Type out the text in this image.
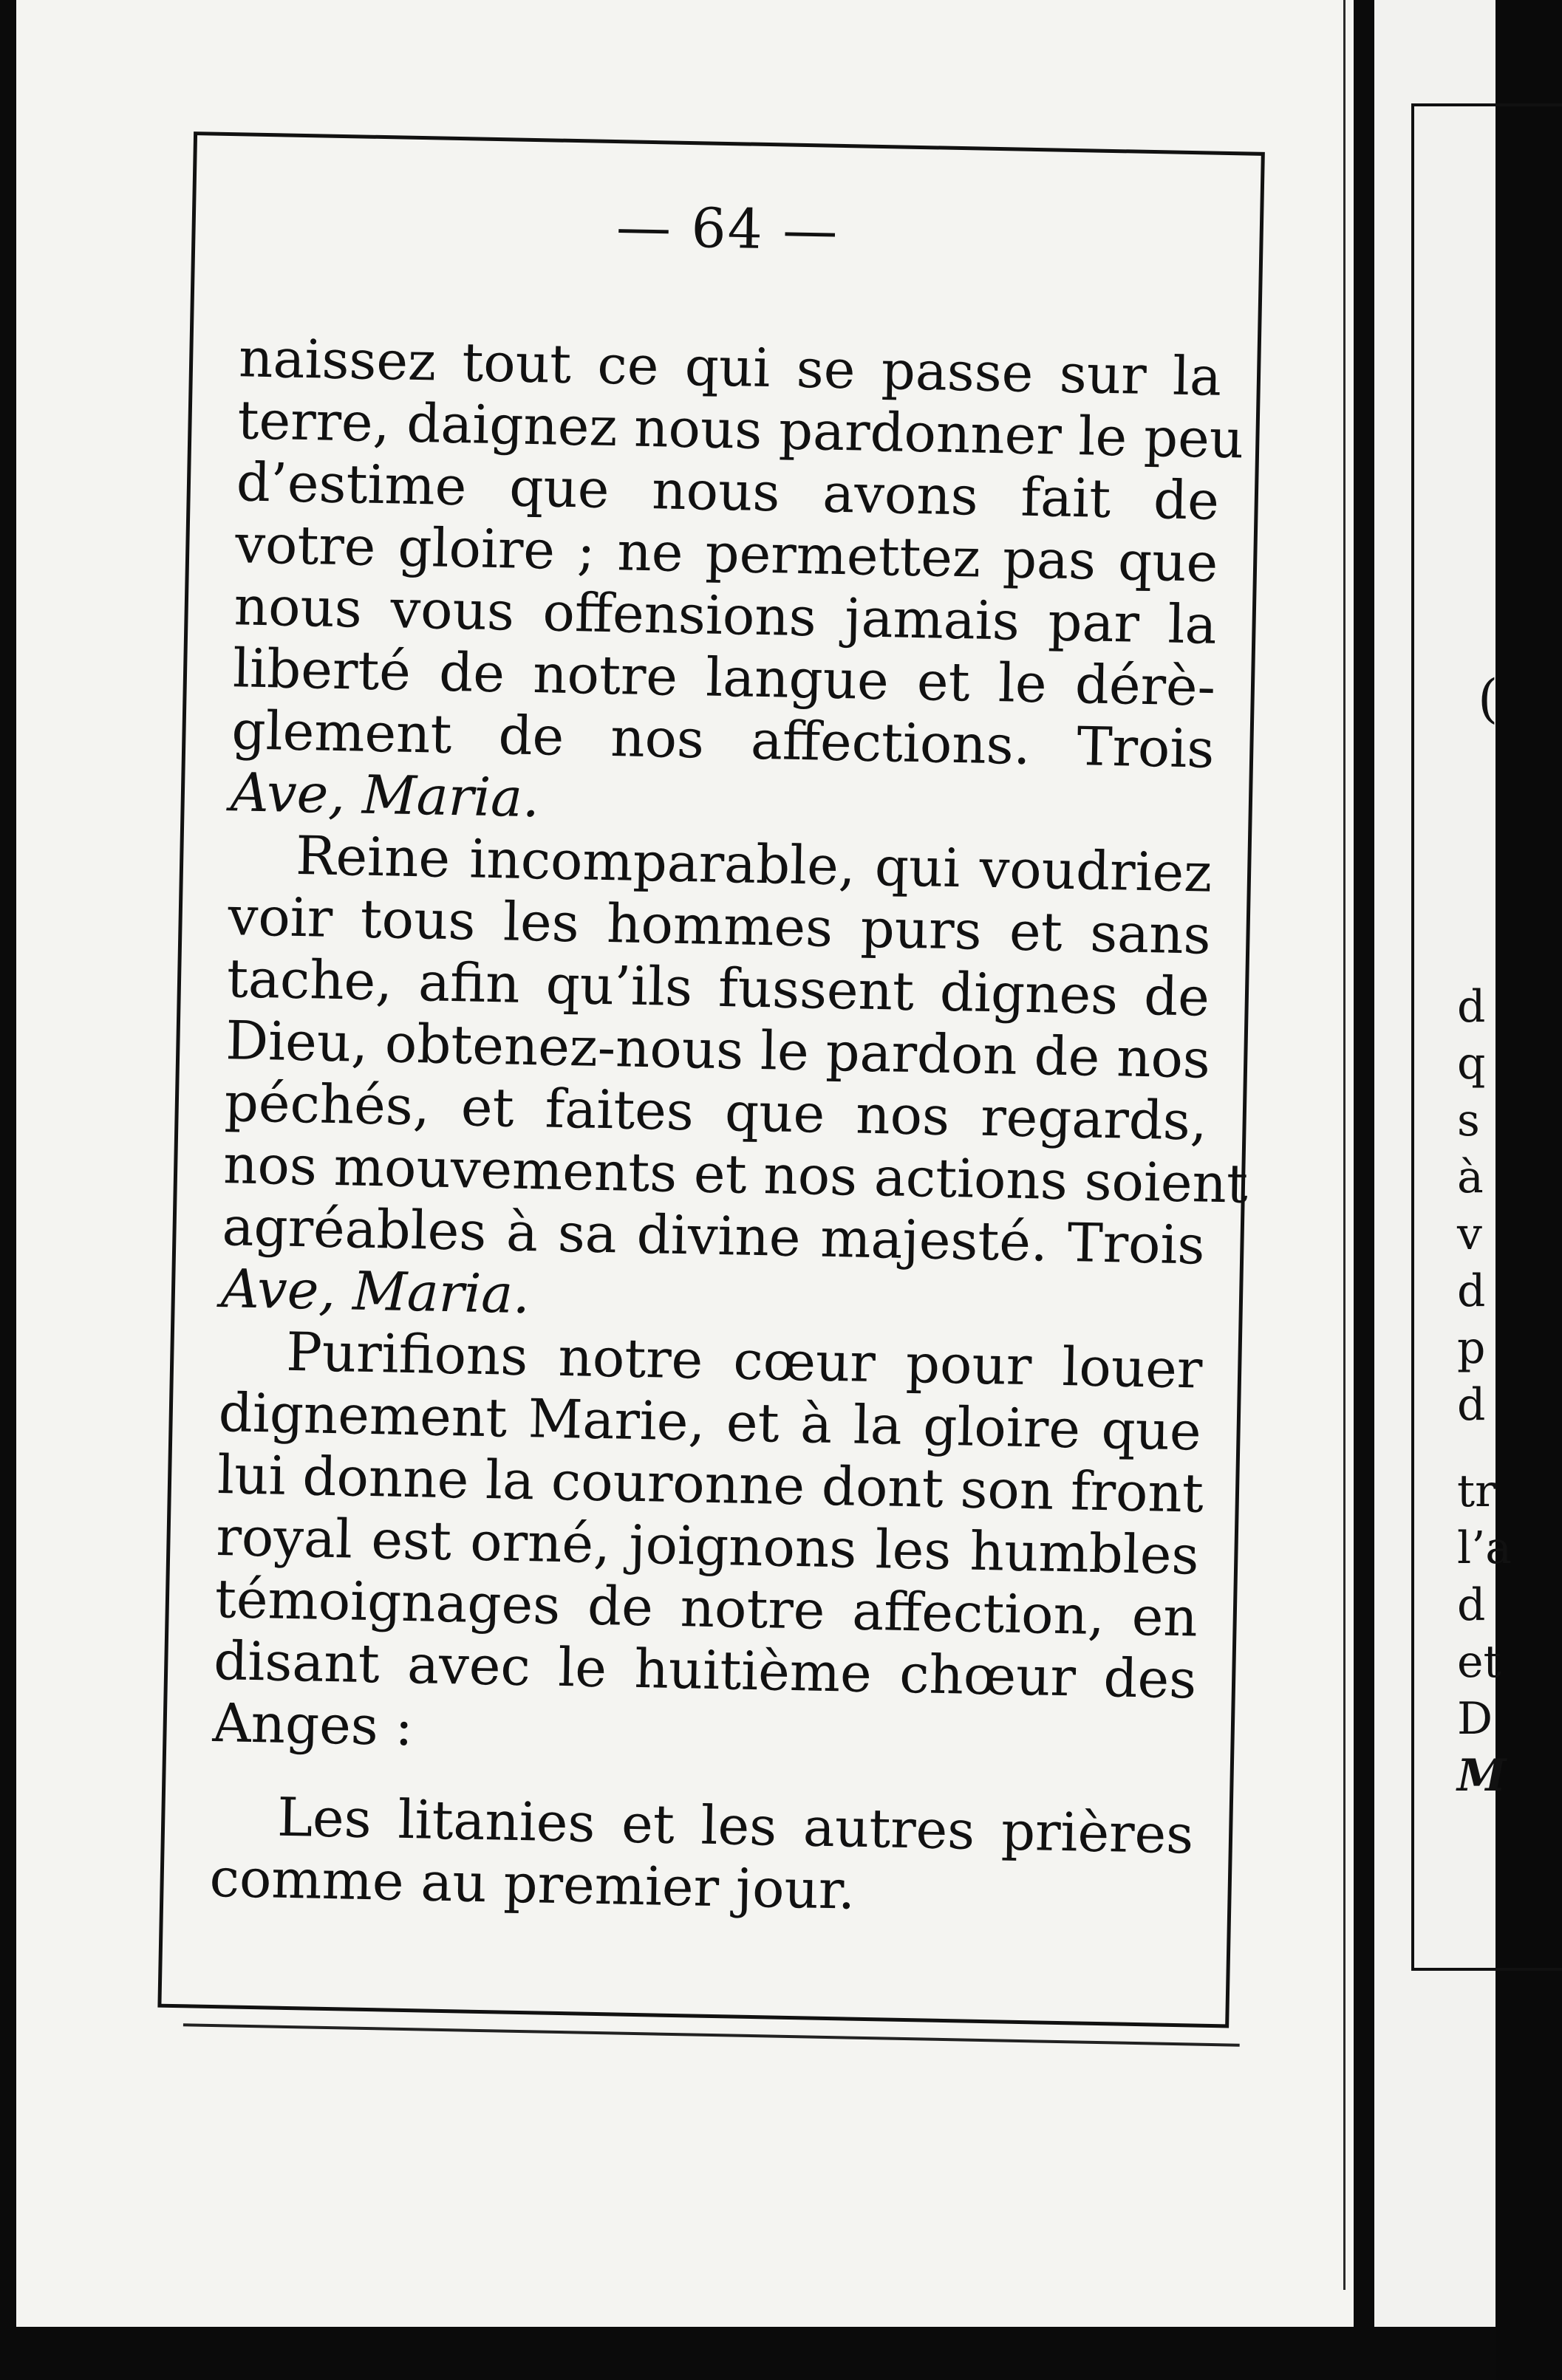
— 64 —
naissez tout ce qui se passe sur la
terre, daignez nous pardonner le peu
d’estime que nous avons fait de
votre gloire ; ne permettez pas que
nous vous offensions jamais par la
liberté de notre langue et le dérè-
glement de nos affections. Trois
Ave, Maria.
Reine incomparable, qui voudriez
voir tous les hommes purs et sans
tache, afin qu’ils fussent dignes de
Dieu, obtenez-nous le pardon de nos
péchés, et faites que nos regards,
nos mouvements et nos actions soient
agréables à sa divine majesté. Trois
Ave, Maria.
Purifions notre cœur pour louer
dignement Marie, et à la gloire que
lui donne la couronne dont son front
royal est orné, joignons les humbles
témoignages de notre affection, en
disant avec le huitième chœur des
Anges :
Les litanies et les autres prières
comme au premier jour.
(
d
q
s
à
v
d
p
d
tr
l’a
d
et
D
M
